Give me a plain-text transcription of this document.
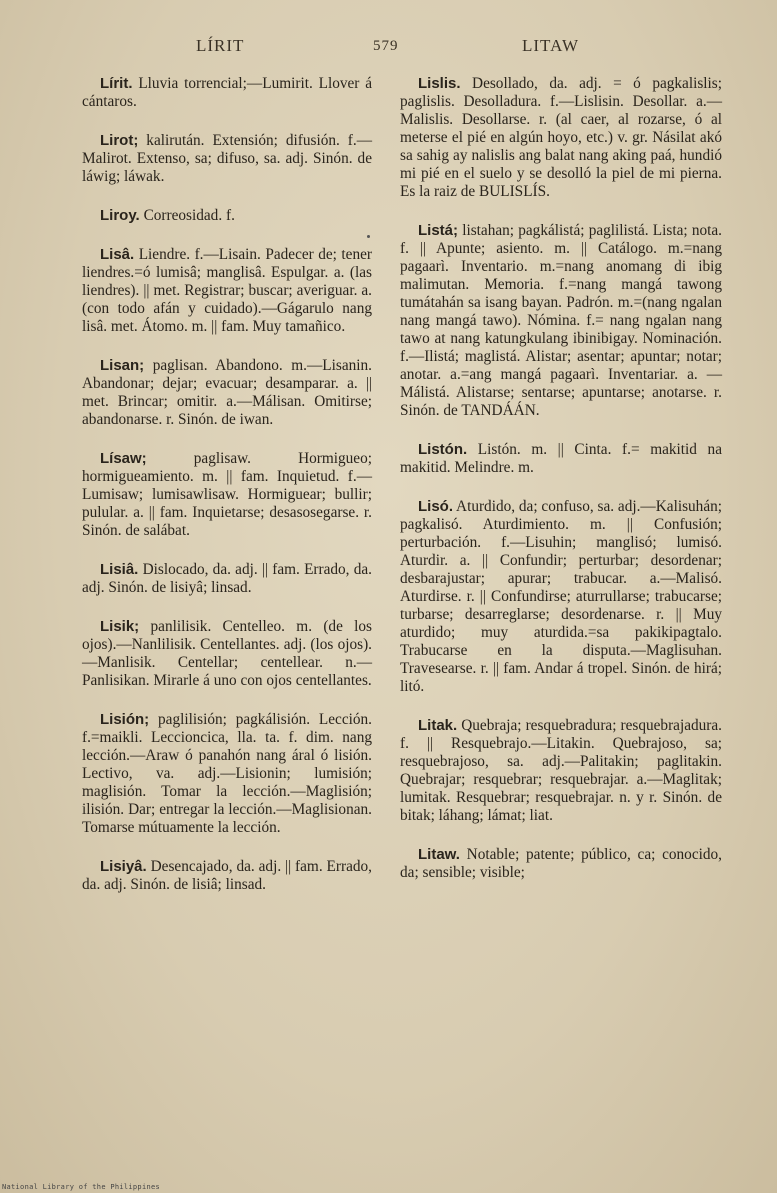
LÍRIT	579	LITAW

Lírit. Lluvia torrencial;—Lumirit. Llover á cántaros.

Lirot; kalirután. Extensión; difusión. f.—Malirot. Extenso, sa; difuso, sa. adj. Sinón. de láwig; láwak.

Liroy. Correosidad. f.

Lisâ. Liendre. f.—Lisain. Padecer de; tener liendres.=ó lumisâ; manglisâ. Espulgar. a. (las liendres). || met. Registrar; buscar; averiguar. a. (con todo afán y cuidado).—Gágarulo nang lisâ. met. Átomo. m. || fam. Muy tamañico.

Lisan; paglisan. Abandono. m.—Lisanin. Abandonar; dejar; evacuar; desamparar. a. || met. Brincar; omitir. a.—Málisan. Omitirse; abandonarse. r. Sinón. de iwan.

Lísaw;	paglisaw. Hormigueo; hormigueamiento. m. || fam. Inquietud. f.—Lumisaw; lumisawlisaw. Hormiguear; bullir; pulular. a. || fam. Inquietarse; desasosegarse. r. Sinón. de salábat.

Lisiâ. Dislocado, da. adj. || fam. Errado, da. adj. Sinón. de lisiyâ; linsad.

Lisik; panlilisik. Centelleo. m. (de los ojos).—Nanlilisik. Centellantes. adj. (los ojos).—Manlisik. Centellar; centellear. n.—Panlisikan. Mirarle á uno con ojos centellantes.

Lisión; paglilisión; pagkálisión. Lección. f.=maikli. Leccioncica, lla. ta. f. dim. nang lección.—Araw ó panahón nang áral ó lisión. Lectivo, va. adj.—Lisionin; lumisión; maglisión. Tomar la lección.—Maglisión; ilisión. Dar; entregar la lección.—Maglisionan. Tomarse mútuamente la lección.

Lisiyâ. Desencajado, da. adj. || fam. Errado, da. adj. Sinón. de lisiâ; linsad.

Lislis. Desollado, da. adj. = ó pagkalislis; paglislis. Desolladura. f.—Lislisin. Desollar. a.—Malislis. Desollarse. r. (al caer, al rozarse, ó al meterse el pié en algún hoyo, etc.) v. gr. Násilat akó sa sahig ay nalislis ang balat nang aking paá, hundió mi pié en el suelo y se desolló la piel de mi pierna. Es la raiz de BULISLÍS.

Listá; listahan; pagkálistá; paglilistá. Lista; nota. f. || Apunte; asiento. m. || Catálogo. m.=nang pagaarì. Inventario. m.=nang anomang di ibig malimutan. Memoria. f.=nang mangá tawong tumátahán sa isang bayan. Padrón. m.=(nang ngalan nang mangá tawo). Nómina. f.= nang ngalan nang tawo at nang katungkulang ibinibigay. Nominación. f.—Ilistá; maglistá. Alistar; asentar; apuntar; notar; anotar. a.=ang mangá pagaarì. Inventariar. a. — Málistá. Alistarse; sentarse; apuntarse; anotarse. r. Sinón. de TANDÁÁN.

Listón. Listón. m. || Cinta. f.= makitid na makitid. Melindre. m.

Lisó. Aturdido, da; confuso, sa. adj.—Kalisuhán; pagkalisó. Aturdimiento. m. || Confusión; perturbación. f.—Lisuhin; manglisó; lumisó. Aturdir. a. || Confundir; perturbar; desordenar; desbarajustar; apurar; trabucar. a.—Malisó. Aturdirse. r. || Confundirse; aturrullarse; trabucarse; turbarse; desarreglarse; desordenarse. r. || Muy aturdido; muy aturdida.=sa pakikipagtalo. Trabucarse en la disputa.—Maglisuhan. Travesearse. r. || fam. Andar á tropel. Sinón. de hirá; litó.

Litak. Quebraja; resquebradura; resquebrajadura. f. || Resquebrajo.—Litakin. Quebrajoso, sa; resquebrajoso, sa. adj.—Palitakin; paglitakin. Quebrajar; resquebrar; resquebrajar. a.—Maglitak; lumitak. Resquebrar; resquebrajar. n. y r. Sinón. de bitak; láhang; lámat; liat.

Litaw. Notable; patente; público, ca; conocido, da; sensible; visible;

National Library of the Philippines
